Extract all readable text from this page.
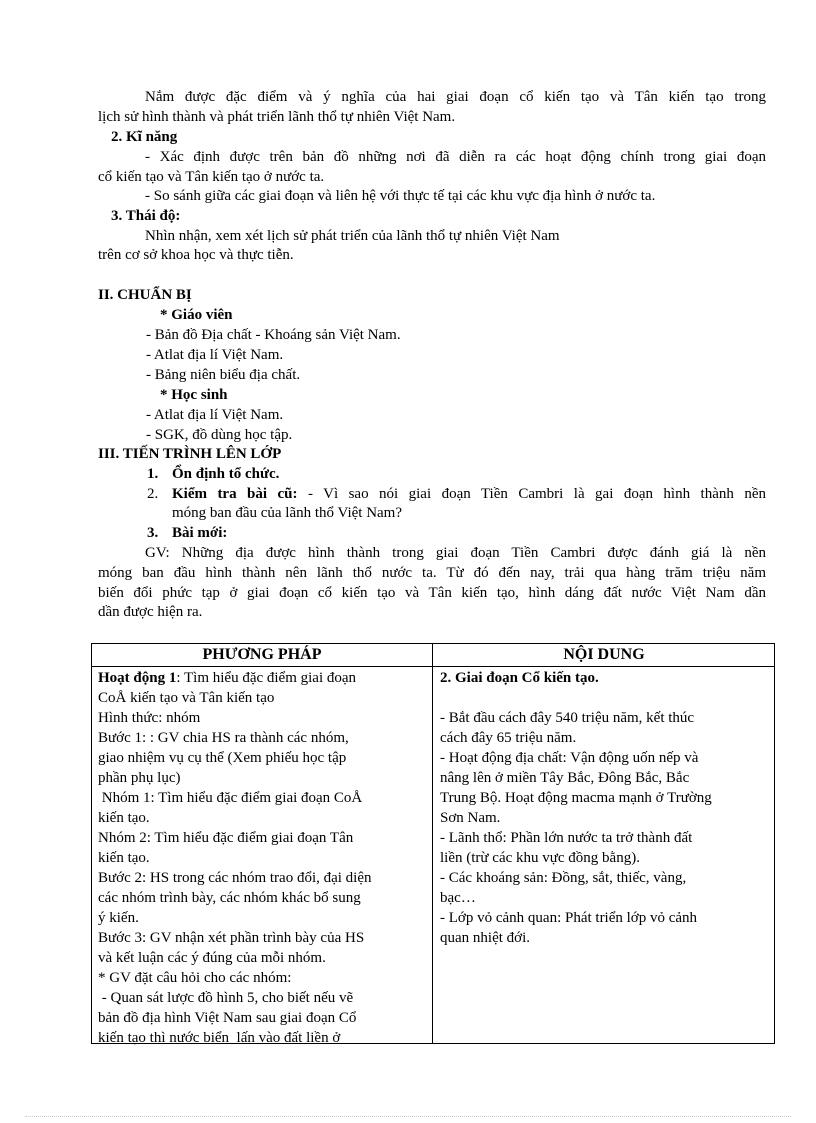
Nắm được đặc điểm và ý nghĩa của hai giai đoạn cổ kiến tạo và Tân kiến tạo trong
lịch sử hình thành và phát triển lãnh thổ tự nhiên Việt Nam.
2. Kĩ năng
- Xác định được trên bản đồ những nơi đã diễn ra các hoạt động chính trong giai đoạn
cổ kiến tạo và Tân kiến tạo ở nước ta.
- So sánh giữa các giai đoạn và liên hệ với thực tế tại các khu vực địa hình ở nước ta.
3. Thái độ:
Nhìn nhận, xem xét lịch sử phát triển của lãnh thổ tự nhiên Việt Nam
trên cơ sở khoa học và thực tiễn.
II. CHUẨN BỊ
* Giáo viên
- Bản đồ Địa chất - Khoáng sản Việt Nam.
- Atlat địa lí Việt Nam.
- Bảng niên biểu địa chất.
* Học sinh
- Atlat địa lí Việt Nam.
- SGK, đồ dùng học tập.
III. TIẾN TRÌNH LÊN LỚP
1. Ổn định tổ chức.
2. Kiểm tra bài cũ: - Vì sao nói giai đoạn Tiền Cambri là gai đoạn hình thành nền
móng ban đầu của lãnh thổ Việt Nam?
3. Bài mới:
GV: Những địa được hình thành trong giai đoạn Tiền Cambri được đánh giá là nền
móng ban đầu hình thành nên lãnh thổ nước ta. Từ đó đến nay, trải qua hàng trăm triệu năm
biến đổi phức tạp ở giai đoạn cổ kiến tạo và Tân kiến tạo, hình dáng đất nước Việt Nam dần
dần được hiện ra.
PHƯƠNG PHÁP	NỘI DUNG
Hoạt động 1: Tìm hiểu đặc điểm giai đoạn
CoÅ kiến tạo và Tân kiến tạo
Hình thức: nhóm
Bước 1: : GV chia HS ra thành các nhóm,
giao nhiệm vụ cụ thể (Xem phiếu học tập
phần phụ lục)
Nhóm 1: Tìm hiểu đặc điểm giai đoạn CoÅ
kiến tạo.
Nhóm 2: Tìm hiểu đặc điểm giai đoạn Tân
kiến tạo.
Bước 2: HS trong các nhóm trao đổi, đại diện
các nhóm trình bày, các nhóm khác bổ sung
ý kiến.
Bước 3: GV nhận xét phần trình bày của HS
và kết luận các ý đúng của mỗi nhóm.
* GV đặt câu hỏi cho các nhóm:
- Quan sát lược đồ hình 5, cho biết nếu vẽ
bản đồ địa hình Việt Nam sau giai đoạn Cổ
kiến tạo thì nước biển  lấn vào đất liền ở
2. Giai đoạn Cổ kiến tạo.
- Bắt đầu cách đây 540 triệu năm, kết thúc
cách đây 65 triệu năm.
- Hoạt động địa chất: Vận động uốn nếp và
nâng lên ở miền Tây Bắc, Đông Bắc, Bắc
Trung Bộ. Hoạt động macma mạnh ở Trường
Sơn Nam.
- Lãnh thổ: Phần lớn nước ta trở thành đất
liền (trừ các khu vực đồng bằng).
- Các khoáng sản: Đồng, sắt, thiếc, vàng,
bạc…
- Lớp vỏ cảnh quan: Phát triển lớp vỏ cảnh
quan nhiệt đới.
